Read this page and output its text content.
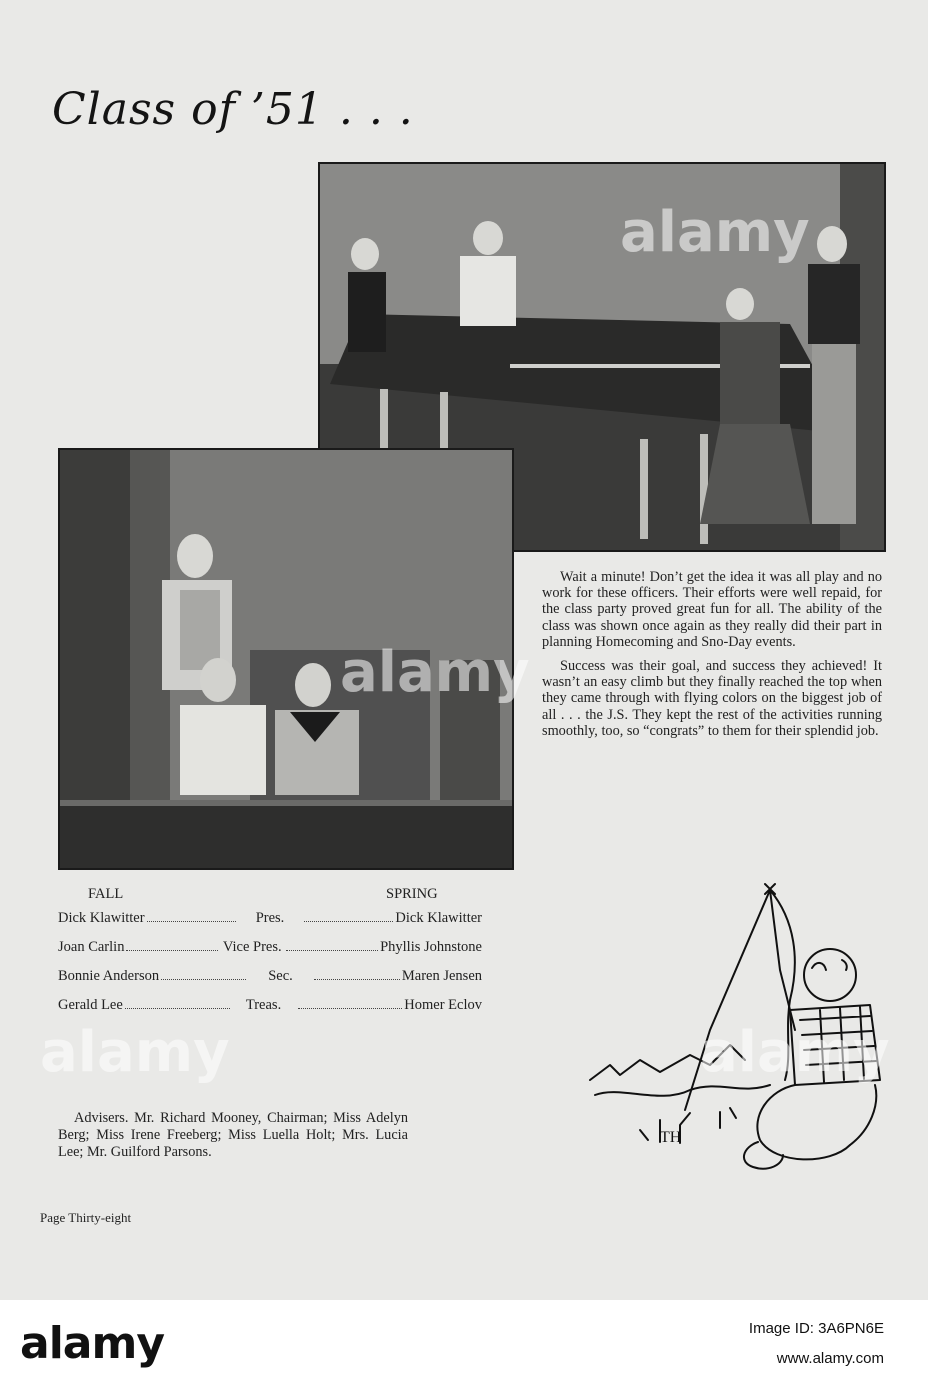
Class of ’51 . . .

Wait a minute! Don’t get the idea it was all play and no work for these officers. Their efforts were well repaid, for the class party proved great fun for all. The ability of the class was shown once again as they really did their part in planning Homecoming and Sno-Day events.

Success was their goal, and success they achieved! It wasn’t an easy climb but they finally reached the top when they came through with flying colors on the biggest job of all . . . the J.S. They kept the rest of the activities running smoothly, too, so “congrats” to them for their splendid job.

FALL	SPRING
Dick Klawitter	Pres.	Dick Klawitter
Joan Carlin	Vice Pres.	Phyllis Johnstone
Bonnie Anderson	Sec.	Maren Jensen
Gerald Lee	Treas.	Homer Eclov
Advisers. Mr. Richard Mooney, Chairman; Miss Adelyn Berg; Miss Irene Freeberg; Miss Luella Holt; Mrs. Lucia Lee; Mr. Guilford Parsons.
TH
Page Thirty-eight
alamy
alamy
alamy	alamy
alamy	Image ID: 3A6PN6E
www.alamy.com
